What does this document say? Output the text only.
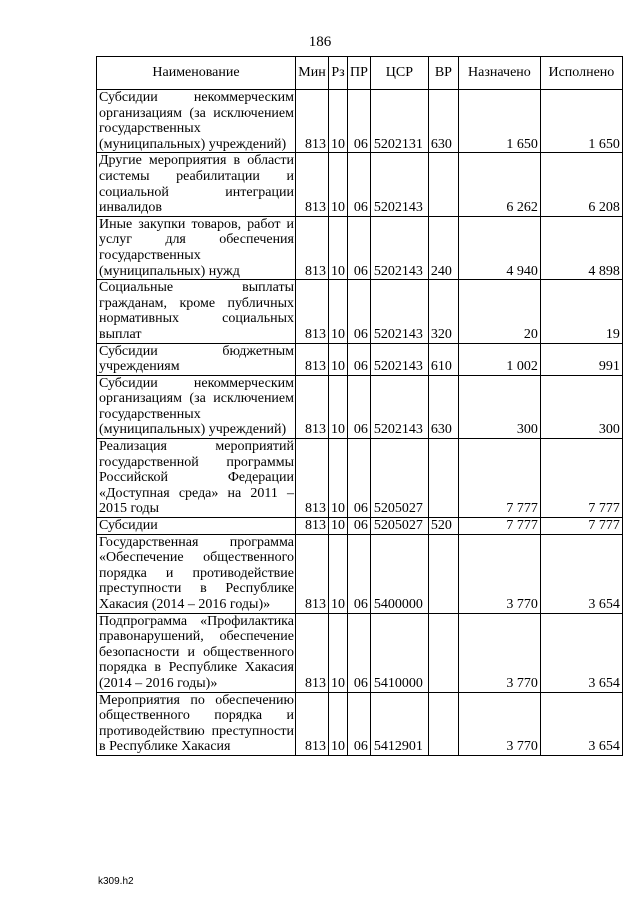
186
Наименование	Мин	Рз	ПР	ЦСР	ВР	Назначено	Исполнено
Субсидии некоммерческим организациям (за исключением государственных (муниципальных) учреждений)	813	10	06	5202131	630	1 650	1 650
Другие мероприятия в области системы реабилитации и социальной интеграции инвалидов	813	10	06	5202143		6 262	6 208
Иные закупки товаров, работ и услуг для обеспечения государственных (муниципальных) нужд	813	10	06	5202143	240	4 940	4 898
Социальные выплаты гражданам, кроме публичных нормативных социальных выплат	813	10	06	5202143	320	20	19
Субсидии бюджетным учреждениям	813	10	06	5202143	610	1 002	991
Субсидии некоммерческим организациям (за исключением государственных (муниципальных) учреждений)	813	10	06	5202143	630	300	300
Реализация мероприятий государственной программы Российской Федерации «Доступная среда» на 2011 – 2015 годы	813	10	06	5205027		7 777	7 777
Субсидии	813	10	06	5205027	520	7 777	7 777
Государственная программа «Обеспечение общественного порядка и противодействие преступности в Республике Хакасия (2014 – 2016 годы)»	813	10	06	5400000		3 770	3 654
Подпрограмма «Профилактика правонарушений, обеспечение безопасности и общественного порядка в Республике Хакасия (2014 – 2016 годы)»	813	10	06	5410000		3 770	3 654
Мероприятия по обеспечению общественного порядка и противодействию преступности в Республике Хакасия	813	10	06	5412901		3 770	3 654
k309.h2
